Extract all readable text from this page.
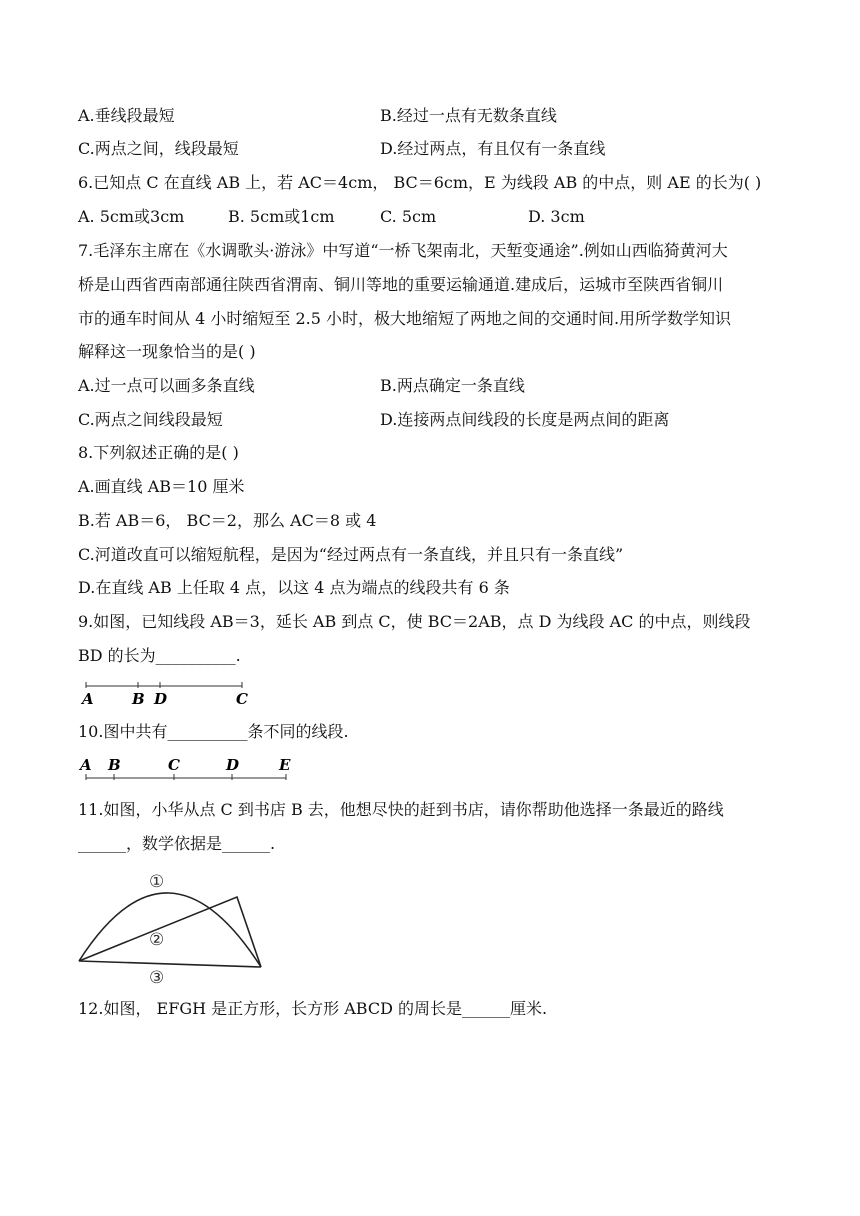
A.垂线段最短	B.经过一点有无数条直线
C.两点之间，线段最短	D.经过两点，有且仅有一条直线
6.已知点 C 在直线 AB 上，若 AC＝4cm， BC＝6cm，E 为线段 AB 的中点，则 AE 的长为( )
A. 5cm或3cm	B. 5cm或1cm	C. 5cm	D. 3cm
7.毛泽东主席在《水调歌头·游泳》中写道“一桥飞架南北，天堑变通途”.例如山西临猗黄河大
桥是山西省西南部通往陕西省渭南、铜川等地的重要运输通道.建成后，运城市至陕西省铜川
市的通车时间从 4 小时缩短至 2.5 小时，极大地缩短了两地之间的交通时间.用所学数学知识
解释这一现象恰当的是( )
A.过一点可以画多条直线	B.两点确定一条直线
C.两点之间线段最短	D.连接两点间线段的长度是两点间的距离
8.下列叙述正确的是( )
A.画直线 AB＝10 厘米
B.若 AB＝6， BC＝2，那么 AC＝8 或 4
C.河道改直可以缩短航程，是因为“经过两点有一条直线，并且只有一条直线”
D.在直线 AB 上任取 4 点，以这 4 点为端点的线段共有 6 条
9.如图，已知线段 AB＝3，延长 AB 到点 C，使 BC＝2AB，点 D 为线段 AC 的中点，则线段
BD 的长为__________.
A	B D	C
10.图中共有__________条不同的线段.
A B	C	D	E
11.如图，小华从点 C 到书店 B 去，他想尽快的赶到书店，请你帮助他选择一条最近的路线
______，数学依据是______.
①
②
③
12.如图， EFGH 是正方形，长方形 ABCD 的周长是______厘米.
